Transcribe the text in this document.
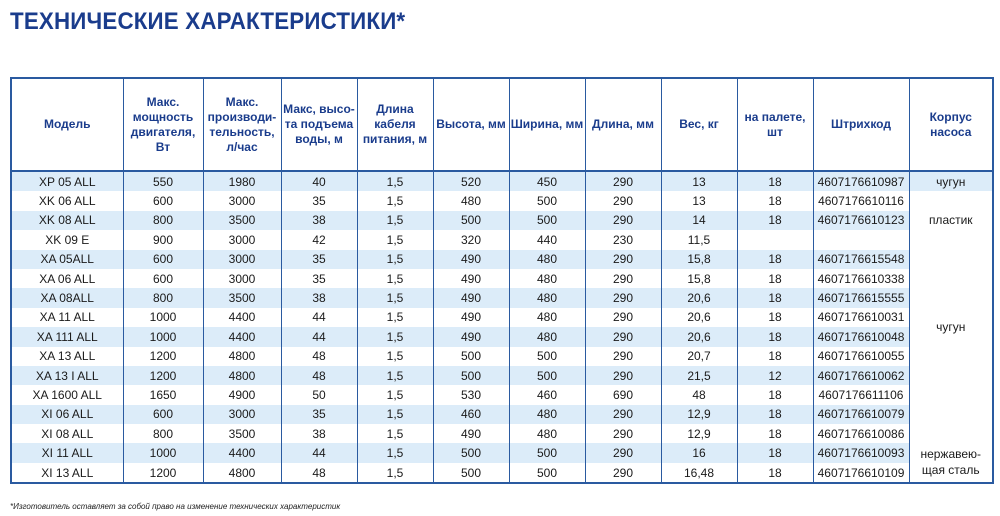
ТЕХНИЧЕСКИЕ ХАРАКТЕРИСТИКИ*
Модель	Макс.
мощность
двигателя,
Вт	Макс.
производи-
тельность,
л/час	Макс, высо-
та подъема
воды, м	Длина
кабеля
питания, м	Высота, мм	Ширина, мм	Длина, мм	Вес, кг	на палете,
шт	Штрихкод	Корпус
насоса
XP 05 ALL	550	1980	40	1,5	520	450	290	13	18	4607176610987	чугун
XK 06 ALL	600	3000	35	1,5	480	500	290	13	18	4607176610116	пластик
XK 08 ALL	800	3500	38	1,5	500	500	290	14	18	4607176610123	
XK 09 E	900	3000	42	1,5	320	440	230	11,5			
XA 05ALL	600	3000	35	1,5	490	480	290	15,8	18	4607176615548	чугун
XA 06 ALL	600	3000	35	1,5	490	480	290	15,8	18	4607176610338	
XA 08ALL	800	3500	38	1,5	490	480	290	20,6	18	4607176615555	
XA 11 ALL	1000	4400	44	1,5	490	480	290	20,6	18	4607176610031	
XA 111 ALL	1000	4400	44	1,5	490	480	290	20,6	18	4607176610048	
XA 13 ALL	1200	4800	48	1,5	500	500	290	20,7	18	4607176610055	
XA 13 I ALL	1200	4800	48	1,5	500	500	290	21,5	12	4607176610062	
XA 1600 ALL	1650	4900	50	1,5	530	460	690	48	18	4607176611106	
XI 06 ALL	600	3000	35	1,5	460	480	290	12,9	18	4607176610079	нержавею-щая сталь
XI 08 ALL	800	3500	38	1,5	490	480	290	12,9	18	4607176610086	
XI 11 ALL	1000	4400	44	1,5	500	500	290	16	18	4607176610093	
XI 13 ALL	1200	4800	48	1,5	500	500	290	16,48	18	4607176610109	
*Изготовитель оставляет за собой право на изменение технических характеристик
